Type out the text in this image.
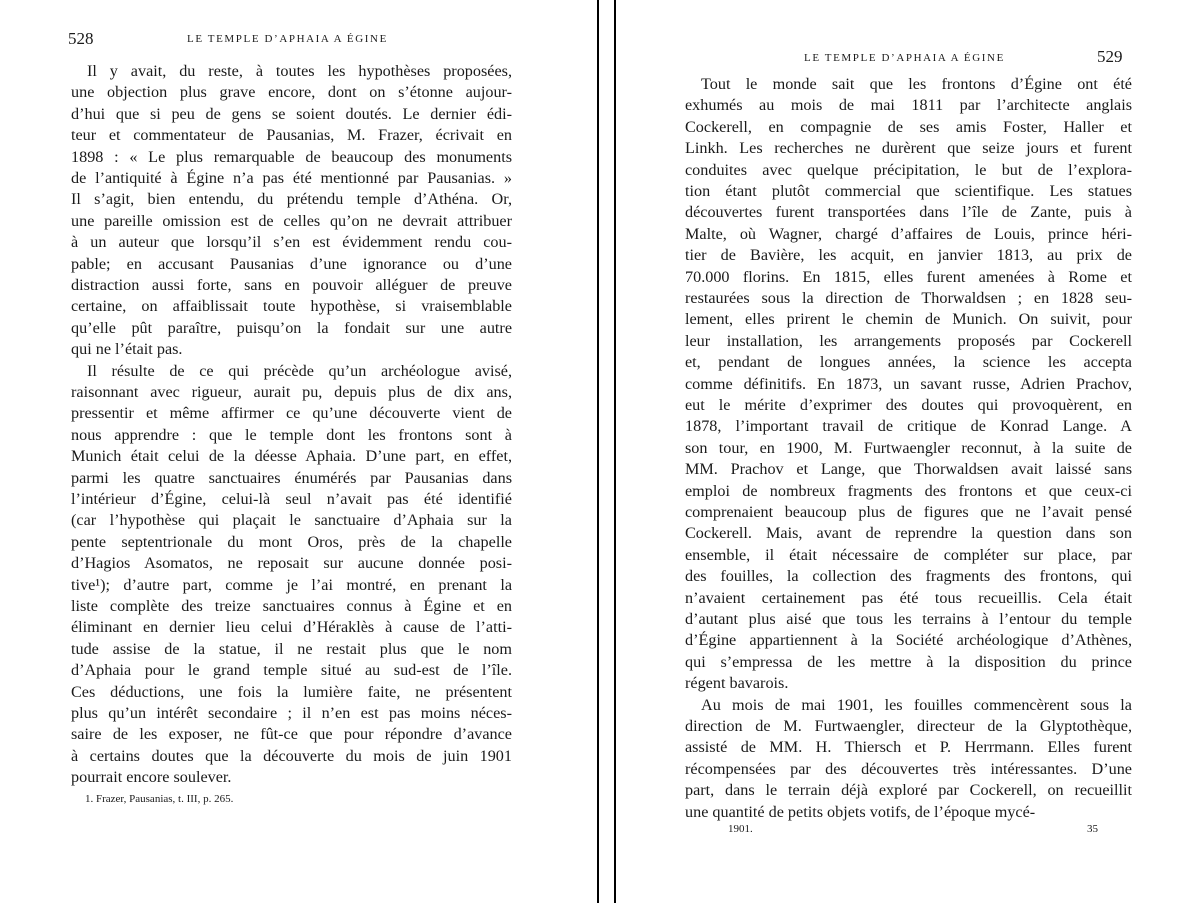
528	LE TEMPLE D’APHAIA A ÉGINE
Il y avait, du reste, à toutes les hypothèses proposées,
une objection plus grave encore, dont on s’étonne aujour-
d’hui que si peu de gens se soient doutés. Le dernier édi-
teur et commentateur de Pausanias, M. Frazer, écrivait en
1898 : « Le plus remarquable de beaucoup des monuments
de l’antiquité à Égine n’a pas été mentionné par Pausanias. »
Il s’agit, bien entendu, du prétendu temple d’Athéna. Or,
une pareille omission est de celles qu’on ne devrait attribuer
à un auteur que lorsqu’il s’en est évidemment rendu cou-
pable; en accusant Pausanias d’une ignorance ou d’une
distraction aussi forte, sans en pouvoir alléguer de preuve
certaine, on affaiblissait toute hypothèse, si vraisemblable
qu’elle pût paraître, puisqu’on la fondait sur une autre
qui ne l’était pas.
Il résulte de ce qui précède qu’un archéologue avisé,
raisonnant avec rigueur, aurait pu, depuis plus de dix ans,
pressentir et même affirmer ce qu’une découverte vient de
nous apprendre : que le temple dont les frontons sont à
Munich était celui de la déesse Aphaia. D’une part, en effet,
parmi les quatre sanctuaires énumérés par Pausanias dans
l’intérieur d’Égine, celui-là seul n’avait pas été identifié
(car l’hypothèse qui plaçait le sanctuaire d’Aphaia sur la
pente septentrionale du mont Oros, près de la chapelle
d’Hagios Asomatos, ne reposait sur aucune donnée posi-
tive¹); d’autre part, comme je l’ai montré, en prenant la
liste complète des treize sanctuaires connus à Égine et en
éliminant en dernier lieu celui d’Héraklès à cause de l’atti-
tude assise de la statue, il ne restait plus que le nom
d’Aphaia pour le grand temple situé au sud-est de l’île.
Ces déductions, une fois la lumière faite, ne présentent
plus qu’un intérêt secondaire ; il n’en est pas moins néces-
saire de les exposer, ne fût-ce que pour répondre d’avance
à certains doutes que la découverte du mois de juin 1901
pourrait encore soulever.
1. Frazer, Pausanias, t. III, p. 265.
LE TEMPLE D’APHAIA A ÉGINE	529
Tout le monde sait que les frontons d’Égine ont été
exhumés au mois de mai 1811 par l’architecte anglais
Cockerell, en compagnie de ses amis Foster, Haller et
Linkh. Les recherches ne durèrent que seize jours et furent
conduites avec quelque précipitation, le but de l’explora-
tion étant plutôt commercial que scientifique. Les statues
découvertes furent transportées dans l’île de Zante, puis à
Malte, où Wagner, chargé d’affaires de Louis, prince héri-
tier de Bavière, les acquit, en janvier 1813, au prix de
70.000 florins. En 1815, elles furent amenées à Rome et
restaurées sous la direction de Thorwaldsen ; en 1828 seu-
lement, elles prirent le chemin de Munich. On suivit, pour
leur installation, les arrangements proposés par Cockerell
et, pendant de longues années, la science les accepta
comme définitifs. En 1873, un savant russe, Adrien Prachov,
eut le mérite d’exprimer des doutes qui provoquèrent, en
1878, l’important travail de critique de Konrad Lange. A
son tour, en 1900, M. Furtwaengler reconnut, à la suite de
MM. Prachov et Lange, que Thorwaldsen avait laissé sans
emploi de nombreux fragments des frontons et que ceux-ci
comprenaient beaucoup plus de figures que ne l’avait pensé
Cockerell. Mais, avant de reprendre la question dans son
ensemble, il était nécessaire de compléter sur place, par
des fouilles, la collection des fragments des frontons, qui
n’avaient certainement pas été tous recueillis. Cela était
d’autant plus aisé que tous les terrains à l’entour du temple
d’Égine appartiennent à la Société archéologique d’Athènes,
qui s’empressa de les mettre à la disposition du prince
régent bavarois.
Au mois de mai 1901, les fouilles commencèrent sous la
direction de M. Furtwaengler, directeur de la Glyptothèque,
assisté de MM. H. Thiersch et P. Herrmann. Elles furent
récompensées par des découvertes très intéressantes. D’une
part, dans le terrain déjà exploré par Cockerell, on recueillit
une quantité de petits objets votifs, de l’époque mycé-
1901.	35
